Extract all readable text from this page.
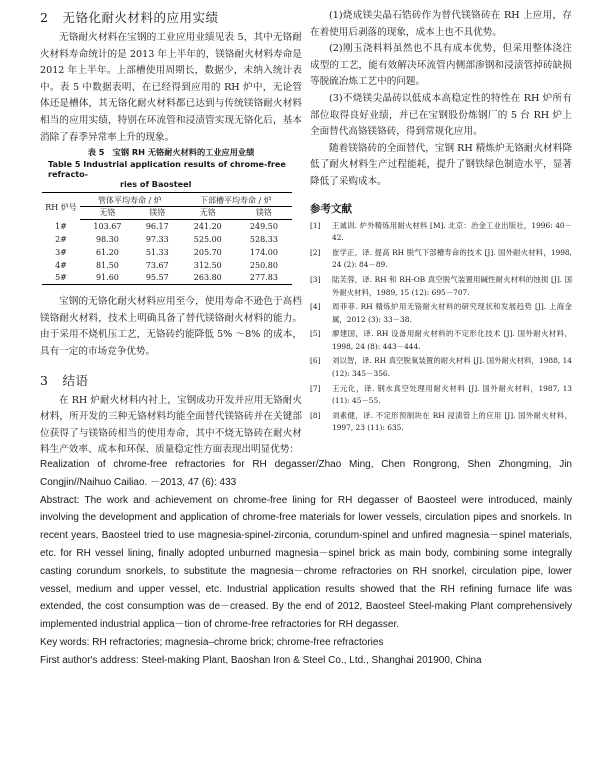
2 无铬化耐火材料的应用实绩

无铬耐火材料在宝钢的工业应用业绩见表 5，其中无铬耐火材料寿命统计的是 2013 年上半年的，镁铬耐火材料寿命是 2012 年上半年。上部槽使用周期长，数据少，未纳入统计表中。表 5 中数据表明，在已经得到应用的 RH 炉中，无论管体还是槽体，其无铬化耐火材料都已达到与传统镁铬耐火材料相当的应用实绩，特别在环流管和浸渍管实现无铬化后，基本消除了春季异常率上升的现象。

表 5　宝钢 RH 无铬耐火材料的工业应用业绩
Table 5 Industrial application results of chrome-free refracto-
ries of Baosteel
RH 炉号	管体平均寿命 / 炉		下部槽平均寿命 / 炉	
	无铬	镁铬	无铬	镁铬
1#	103.67	96.17	241.20	249.50
2#	98.30	97.33	525.00	528.33
3#	61.20	51.33	205.70	174.00
4#	81.50	73.67	312.50	250.80
5#	91.60	95.57	263.80	277.83

宝钢的无铬化耐火材料应用至今，使用寿命不逊色于高档镁铬耐火材料，技术上明确具备了替代镁铬耐火材料的能力。由于采用不烧机压工艺，无铬砖约能降低 5% ～8% 的成本，具有一定的市场竞争优势。

3 结语

在 RH 炉耐火材料内衬上，宝钢成功开发并应用无铬耐火材料，所开发的三种无铬材料均能全面替代镁铬砖并在关键部位获得了与镁铬砖相当的使用寿命，其中不烧无铬砖在耐火材料生产效率、成本和环保、质量稳定性方面表现出明显优势：

(1)烧成镁尖晶石锆砖作为替代镁铬砖在 RH 上应用，存在着使用后剥落的现象，成本上也不具优势。

(2)刚玉浇料料虽然也不具有成本优势，但采用整体浇注成型的工艺，能有效解决环流管内侧部渗钢和浸渍管掉砖缺损等脱硫冶炼工艺中的问题。

(3)不烧镁尖晶砖以低成本高稳定性的特性在 RH 炉所有部位取得良好业绩，并已在宝钢股份炼钢厂的 5 台 RH 炉上全面替代高铬镁铬砖，得到常规化应用。

随着镁铬砖的全面替代，宝钢 RH 精炼炉无铬耐火材料降低了耐火材料生产过程能耗，提升了钢铁绿色制造水平，显著降低了采购成本。

参考文献
[1]	王诚训. 炉外精炼用耐火材料 [M]. 北京：冶金工业出版社，1996: 40－42.
[2]	崔学正，译. 提高 RH 脱气下部槽寿命的技术 [J]. 国外耐火材料，1998, 24 (2): 84－89.
[3]	陆芙蓉，译. RH 和 RH-OB 真空脱气装置用碱性耐火材料的蚀损 [J]. 国外耐火材料，1989, 15 (12): 695－707.
[4]	周菲菲. RH 精炼炉用无铬耐火材料的研究现状和发展趋势 [J]. 上海金属，2012 (3): 33－38.
[5]	廖建国，译. RH 设备用耐火材料的不定形化技术 [J]. 国外耐火材料，1998, 24 (8): 443－444.
[6]	刘以智，译. RH 真空脱氧装置的耐火材料 [J]. 国外耐火材料，1988, 14 (12): 345－356.
[7]	王元化，译. 钢水真空处理用耐火材料 [J]. 国外耐火材料，1987, 13 (11): 45－55.
[8]	刘素健，译. 不定形预制块在 RH 浸渍管上的应用 [J]. 国外耐火材料，1997, 23 (11): 635.

Realization of chrome-free refractories for RH degasser/Zhao Ming, Chen Rongrong, Shen Zhongming, Jin Congjin//Naihuo Cailiao. －2013, 47 (6): 433

Abstract: The work and achievement on chrome-free lining for RH degasser of Baosteel were introduced, mainly involving the development and application of chrome-free materials for lower vessels, circulation pipes and snorkels. In recent years, Baosteel tried to use magnesia-spinel-zirconia, corundum-spinel and unfired magnesia－spinel materials, etc. for RH vessel lining, finally adopted unburned magnesia－spinel brick as main body, combining some integrally casting corundum snorkels, to substitute the magnesia－chrome refractories on RH snorkel, circulation pipe, lower vessel, medium and upper vessel, etc. Industrial application results showed that the RH refining furnace life was extended, the cost consumption was de－creased. By the end of 2012, Baosteel Steel-making Plant comprehensively implemented industrial applica－tion of chrome-free refractories for RH degasser.

Key words: RH refractories; magnesia–chrome brick; chrome-free refractories

First author's address: Steel-making Plant, Baoshan Iron & Steel Co., Ltd., Shanghai 201900, China
